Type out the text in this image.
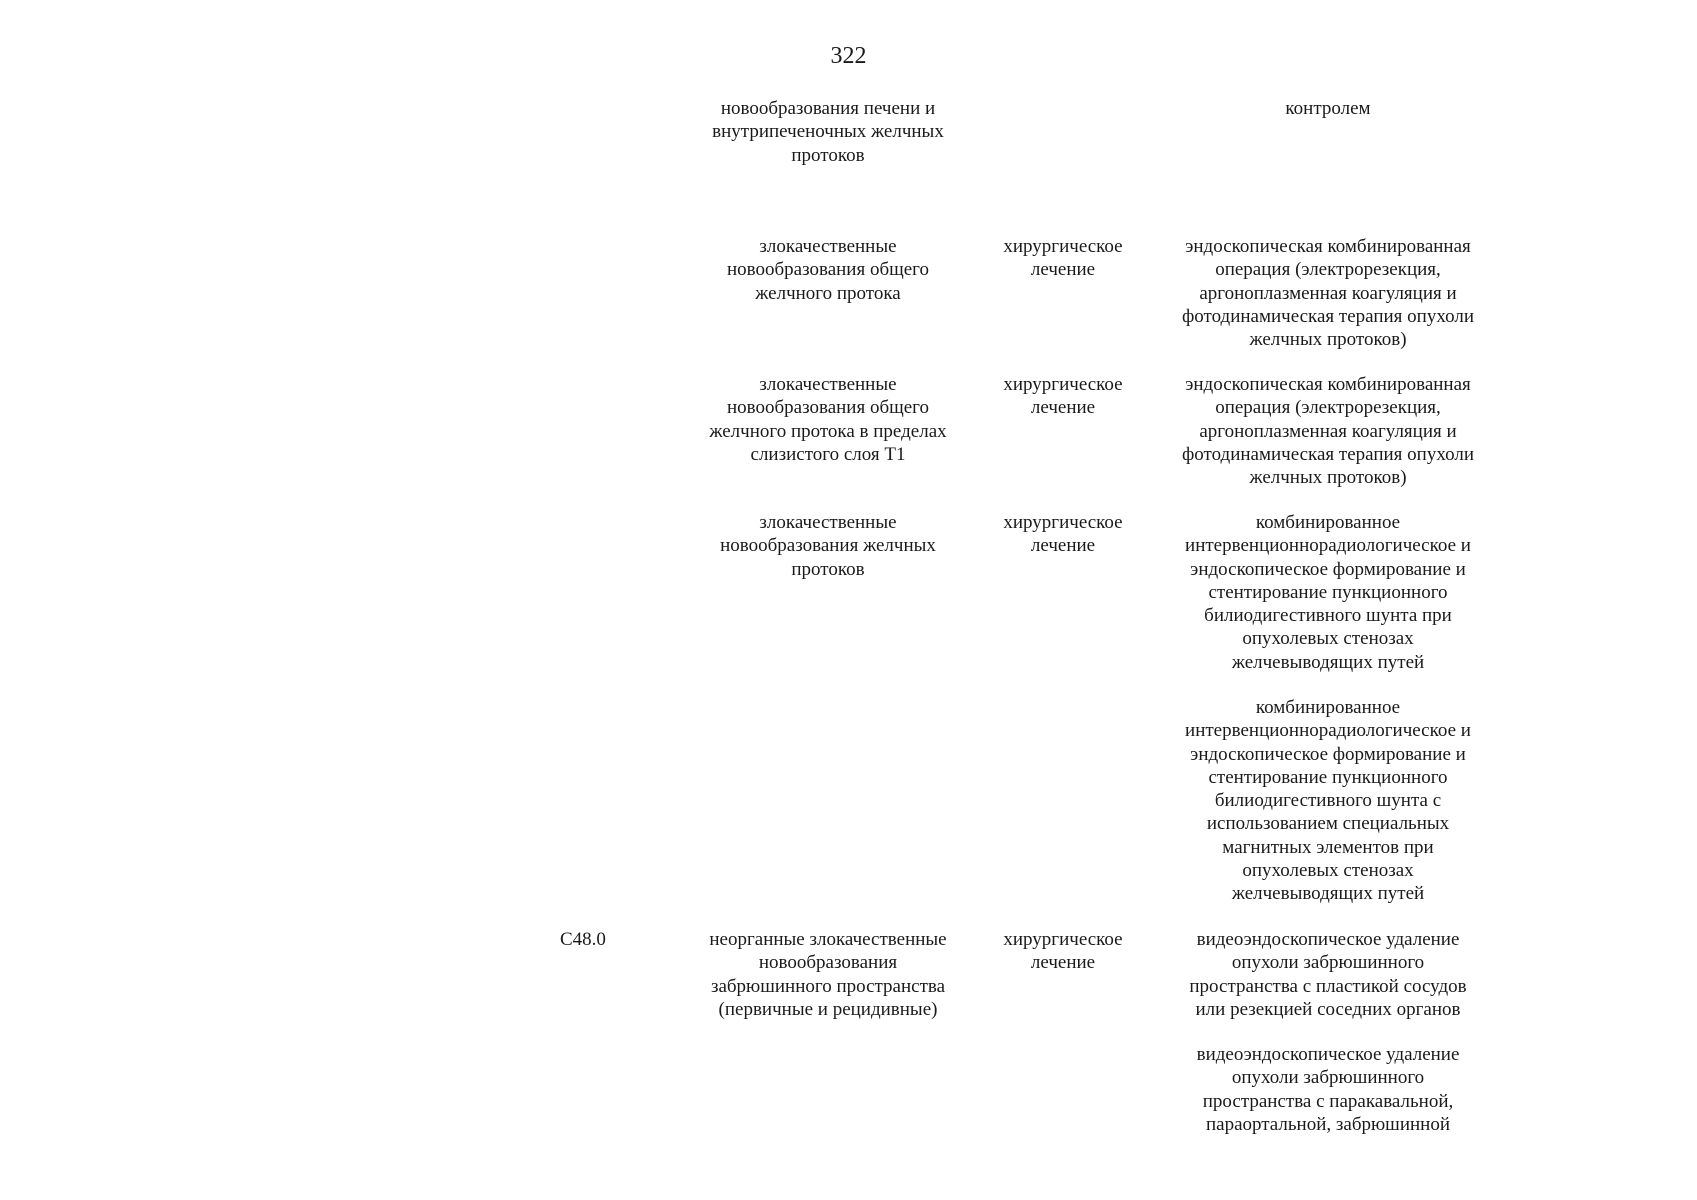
322
новообразования печени и
внутрипеченочных желчных
протоков
контролем
злокачественные
новообразования общего
желчного протока
хирургическое
лечение
эндоскопическая комбинированная
операция (электрорезекция,
аргоноплазменная коагуляция и
фотодинамическая терапия опухоли
желчных протоков)
злокачественные
новообразования общего
желчного протока в пределах
слизистого слоя Т1
хирургическое
лечение
эндоскопическая комбинированная
операция (электрорезекция,
аргоноплазменная коагуляция и
фотодинамическая терапия опухоли
желчных протоков)
злокачественные
новообразования желчных
протоков
хирургическое
лечение
комбинированное
интервенционнорадиологическое и
эндоскопическое формирование и
стентирование пункционного
билиодигестивного шунта при
опухолевых стенозах
желчевыводящих путей
комбинированное
интервенционнорадиологическое и
эндоскопическое формирование и
стентирование пункционного
билиодигестивного шунта с
использованием специальных
магнитных элементов при
опухолевых стенозах
желчевыводящих путей
С48.0	неорганные злокачественные
новообразования
забрюшинного пространства
(первичные и рецидивные)
хирургическое
лечение
видеоэндоскопическое удаление
опухоли забрюшинного
пространства с пластикой сосудов
или резекцией соседних органов
видеоэндоскопическое удаление
опухоли забрюшинного
пространства с паракавальной,
параортальной, забрюшинной
